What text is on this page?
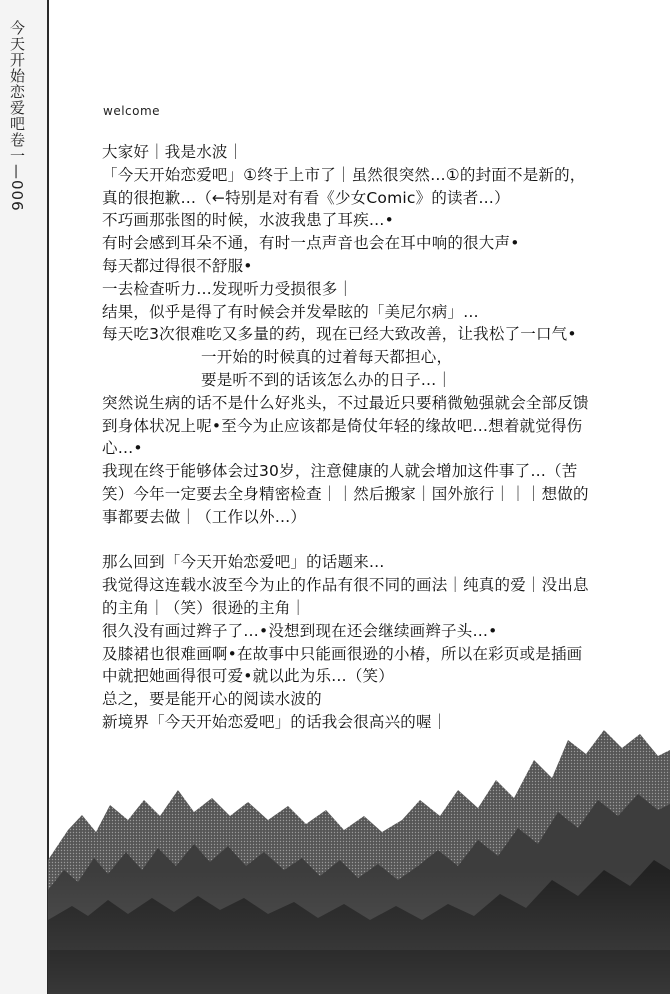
今天开始恋爱吧卷一—006	welcome
大家好｜我是水波｜
「今天开始恋爱吧」①终于上市了｜虽然很突然…①的封面不是新的，
真的很抱歉…（←特别是对有看《少女Comic》的读者…）
不巧画那张图的时候，水波我患了耳疾…•
有时会感到耳朵不通，有时一点声音也会在耳中响的很大声•
每天都过得很不舒服•
一去检查听力…发现听力受损很多｜
结果，似乎是得了有时候会并发晕眩的「美尼尔病」…
每天吃3次很难吃又多量的药，现在已经大致改善，让我松了一口气•
一开始的时候真的过着每天都担心，
要是听不到的话该怎么办的日子…｜
突然说生病的话不是什么好兆头，不过最近只要稍微勉强就会全部反馈
到身体状况上呢•至今为止应该都是倚仗年轻的缘故吧…想着就觉得伤
心…•
我现在终于能够体会过30岁，注意健康的人就会增加这件事了…（苦
笑）今年一定要去全身精密检查｜｜然后搬家｜国外旅行｜｜｜想做的
事都要去做｜（工作以外…）
那么回到「今天开始恋爱吧」的话题来…
我觉得这连载水波至今为止的作品有很不同的画法｜纯真的爱｜没出息
的主角｜（笑）很逊的主角｜
很久没有画过辫子了…•没想到现在还会继续画辫子头…•
及膝裙也很难画啊•在故事中只能画很逊的小椿，所以在彩页或是插画
中就把她画得很可爱•就以此为乐…（笑）
总之，要是能开心的阅读水波的
